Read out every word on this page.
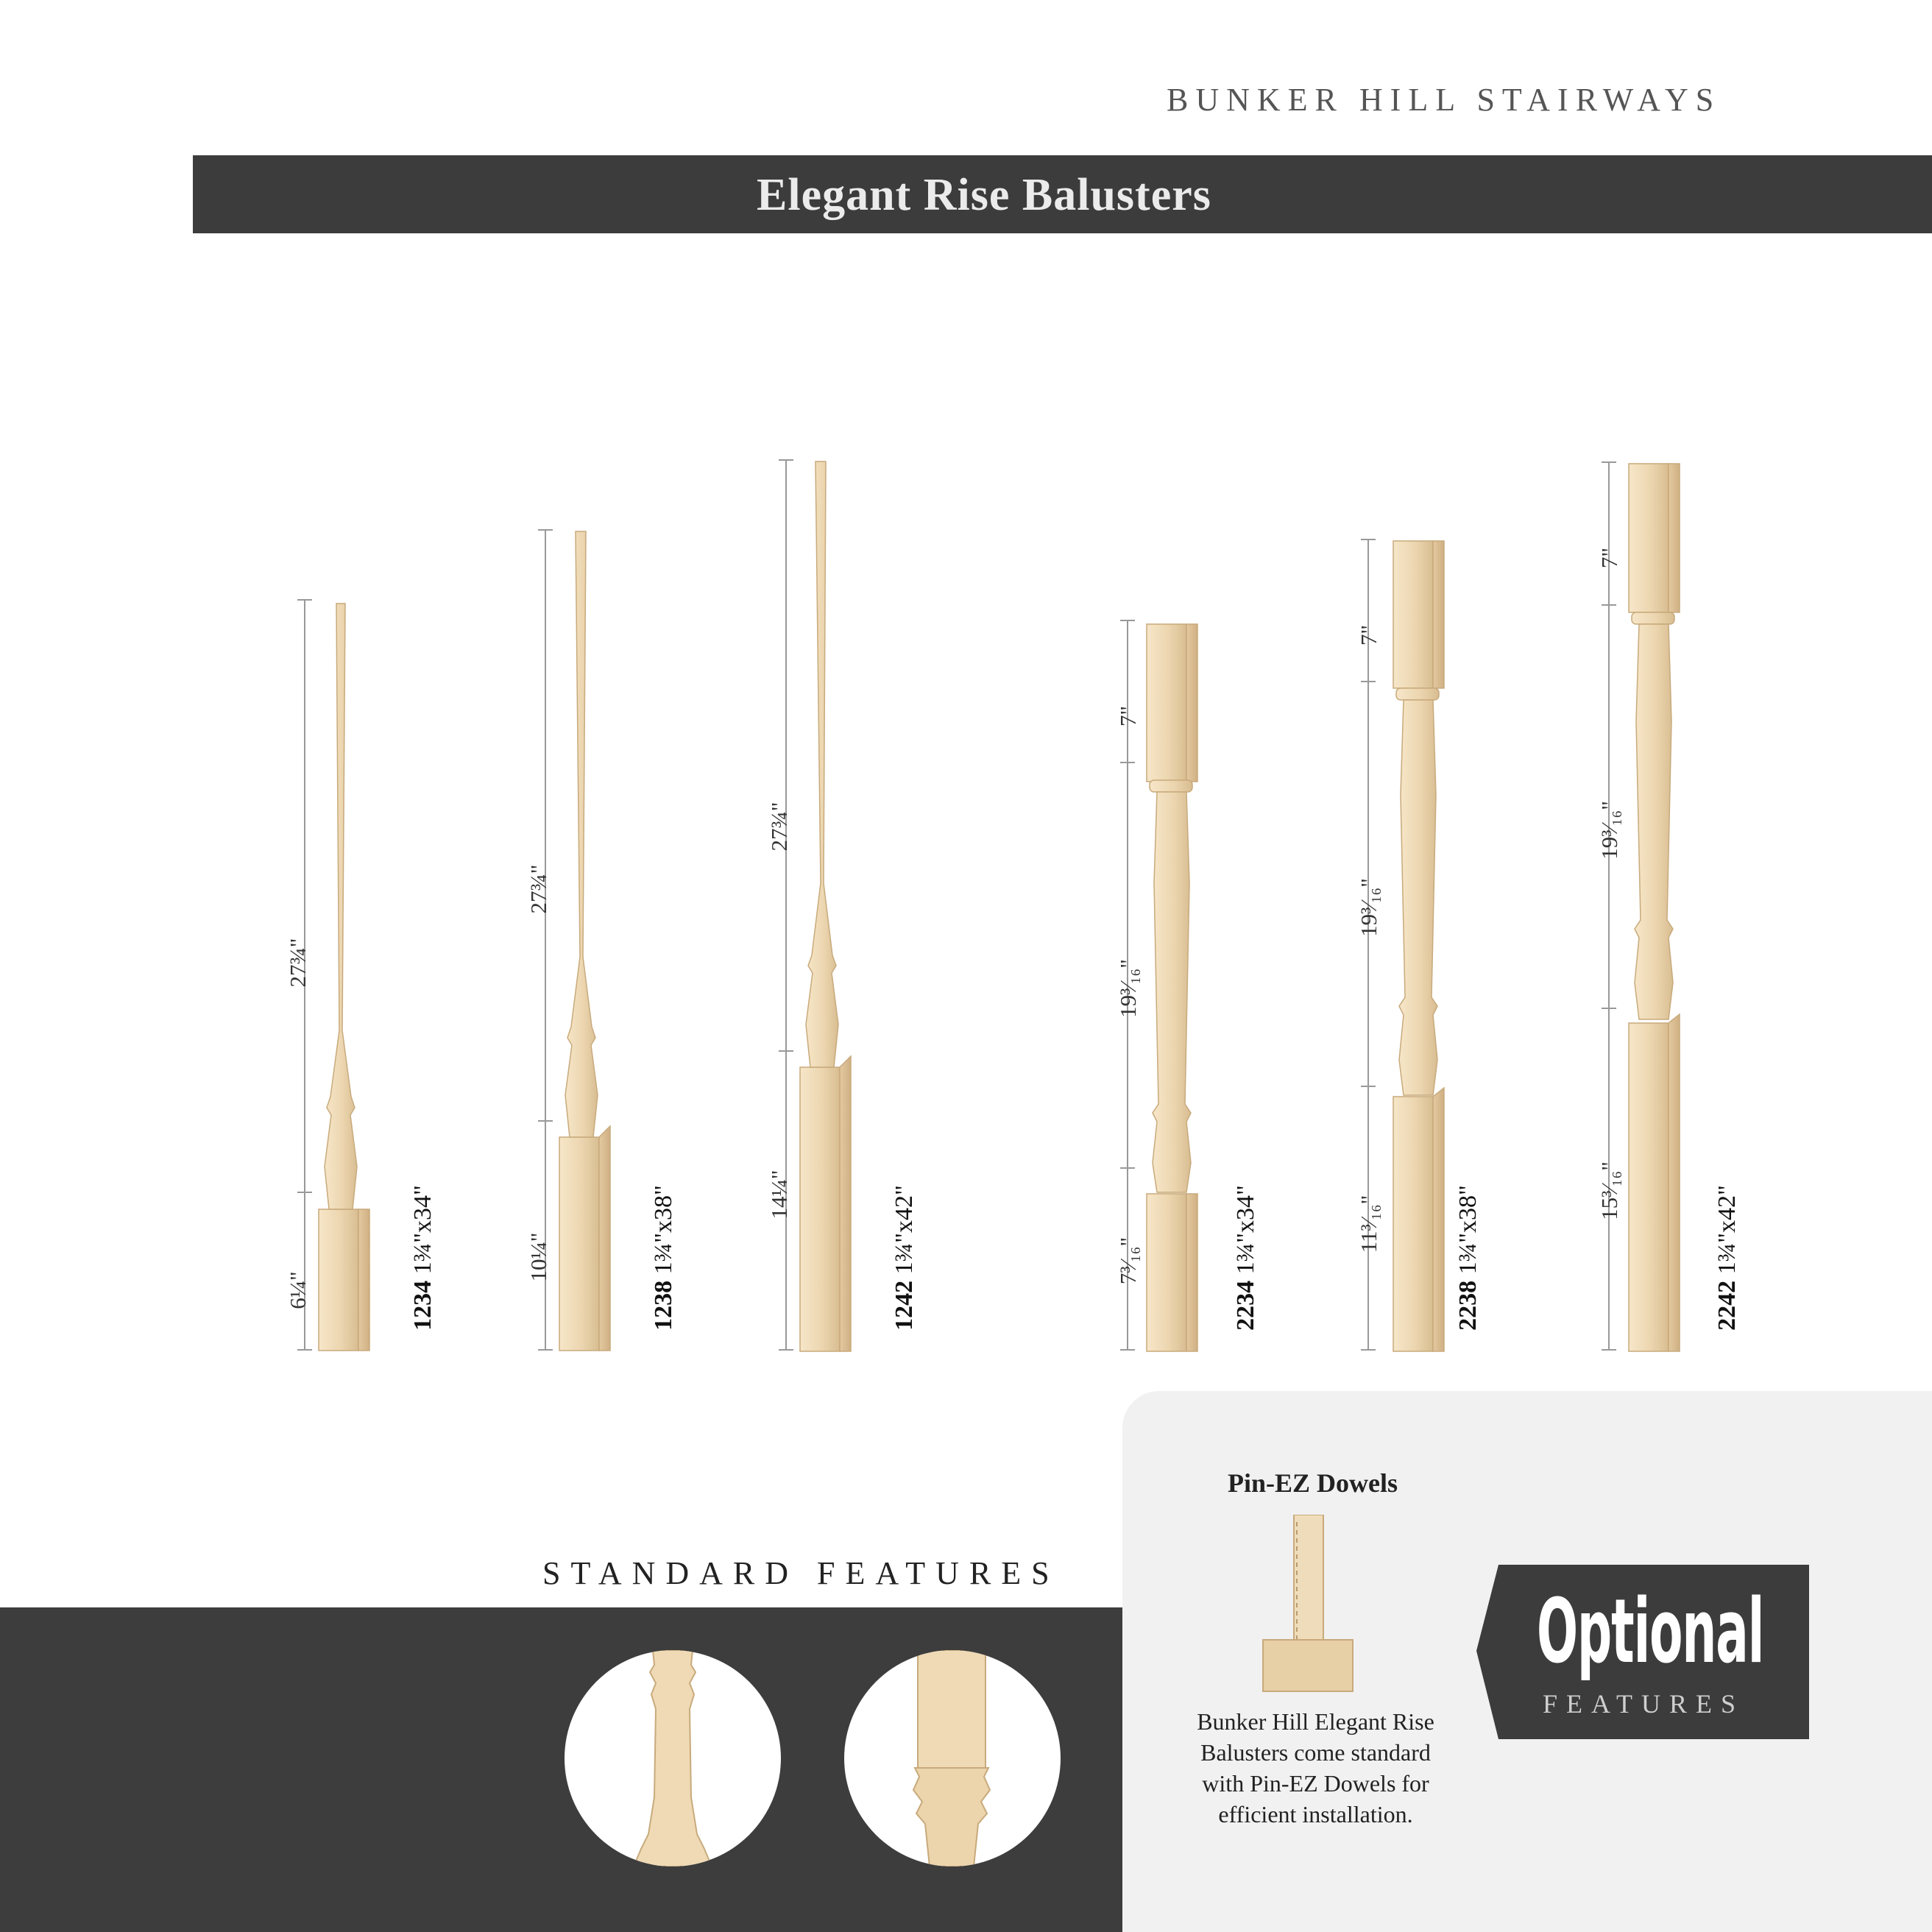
BUNKER HILL STAIRWAYS
Elegant Rise Balusters
27¾"
6¼"
27¾"
10¼"
27¾"
14¼"
7"
19³⁄₁₆"
7³⁄₁₆"
7"
19³⁄₁₆"
11³⁄₁₆"
7"
19³⁄₁₆"
15³⁄₁₆"
1234 1¾"x34"
1238 1¾"x38"
1242 1¾"x42"
2234 1¾"x34"
2238 1¾"x38"
2242 1¾"x42"
STANDARD FEATURES
Pin-EZ Dowels
Bunker Hill Elegant Rise Balusters come standard with Pin-EZ Dowels for efficient installation.
Optional
FEATURES
